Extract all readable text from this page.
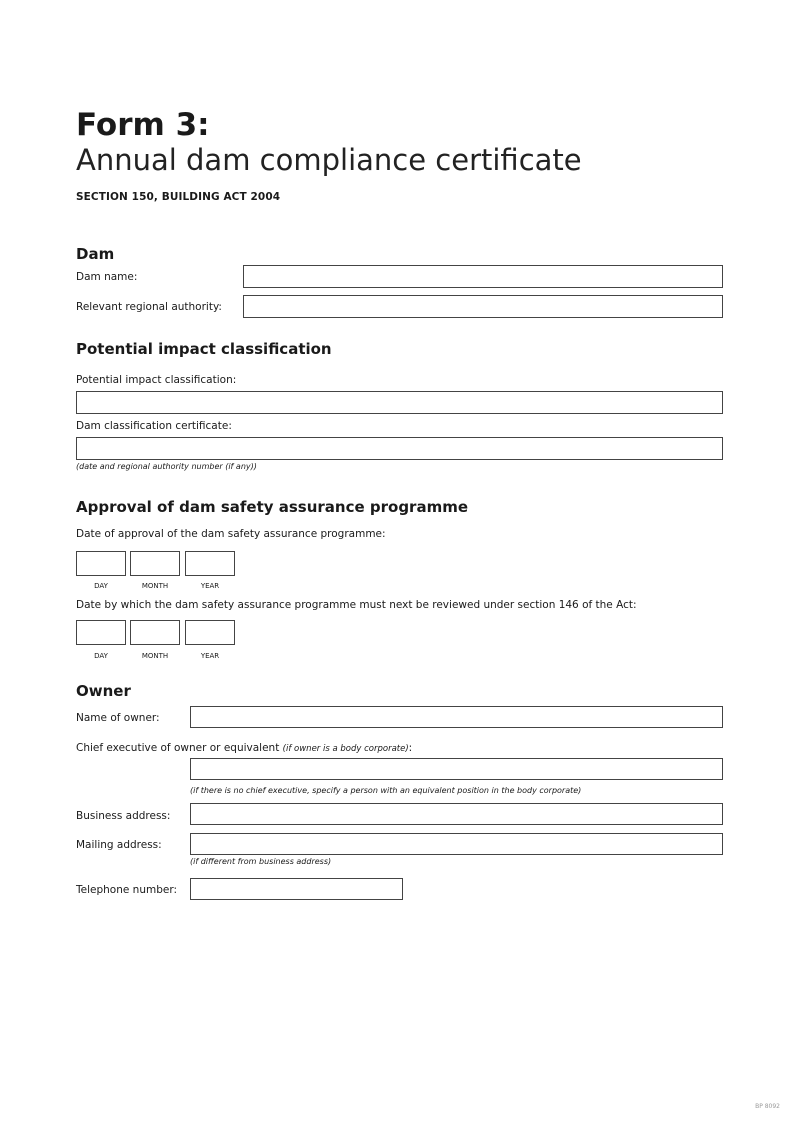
Form 3:
Annual dam compliance certificate
SECTION 150, BUILDING ACT 2004
Dam
Dam name:
Relevant regional authority:
Potential impact classification
Potential impact classification:
Dam classification certificate:
(date and regional authority number (if any))
Approval of dam safety assurance programme
Date of approval of the dam safety assurance programme:
DAY	MONTH	YEAR
Date by which the dam safety assurance programme must next be reviewed under section 146 of the Act:
DAY	MONTH	YEAR
Owner
Name of owner:
Chief executive of owner or equivalent (if owner is a body corporate):
(if there is no chief executive, specify a person with an equivalent position in the body corporate)
Business address:
Mailing address:
(if different from business address)
Telephone number:
BP 8092
